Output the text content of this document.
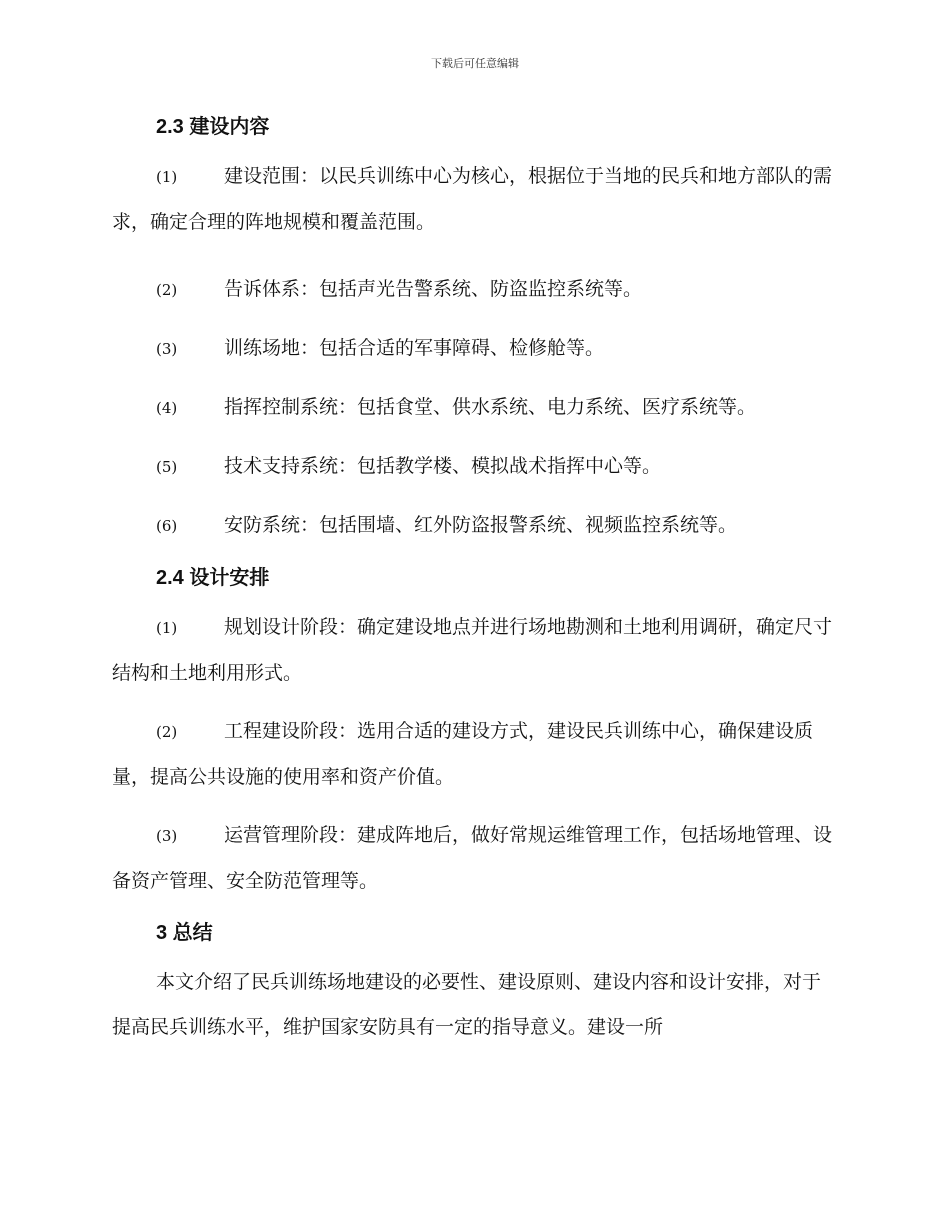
下载后可任意编辑
2.3 建设内容

(1) 建设范围：以民兵训练中心为核心，根据位于当地的民兵和地方部队的需求，确定合理的阵地规模和覆盖范围。

(2) 告诉体系：包括声光告警系统、防盗监控系统等。

(3) 训练场地：包括合适的军事障碍、检修舱等。

(4) 指挥控制系统：包括食堂、供水系统、电力系统、医疗系统等。

(5) 技术支持系统：包括教学楼、模拟战术指挥中心等。

(6) 安防系统：包括围墙、红外防盗报警系统、视频监控系统等。

2.4 设计安排

(1) 规划设计阶段：确定建设地点并进行场地勘测和土地利用调研，确定尺寸结构和土地利用形式。

(2) 工程建设阶段：选用合适的建设方式，建设民兵训练中心，确保建设质量，提高公共设施的使用率和资产价值。

(3) 运营管理阶段：建成阵地后，做好常规运维管理工作，包括场地管理、设备资产管理、安全防范管理等。

3 总结

本文介绍了民兵训练场地建设的必要性、建设原则、建设内容和设计安排，对于提高民兵训练水平，维护国家安防具有一定的指导意义。建设一所
